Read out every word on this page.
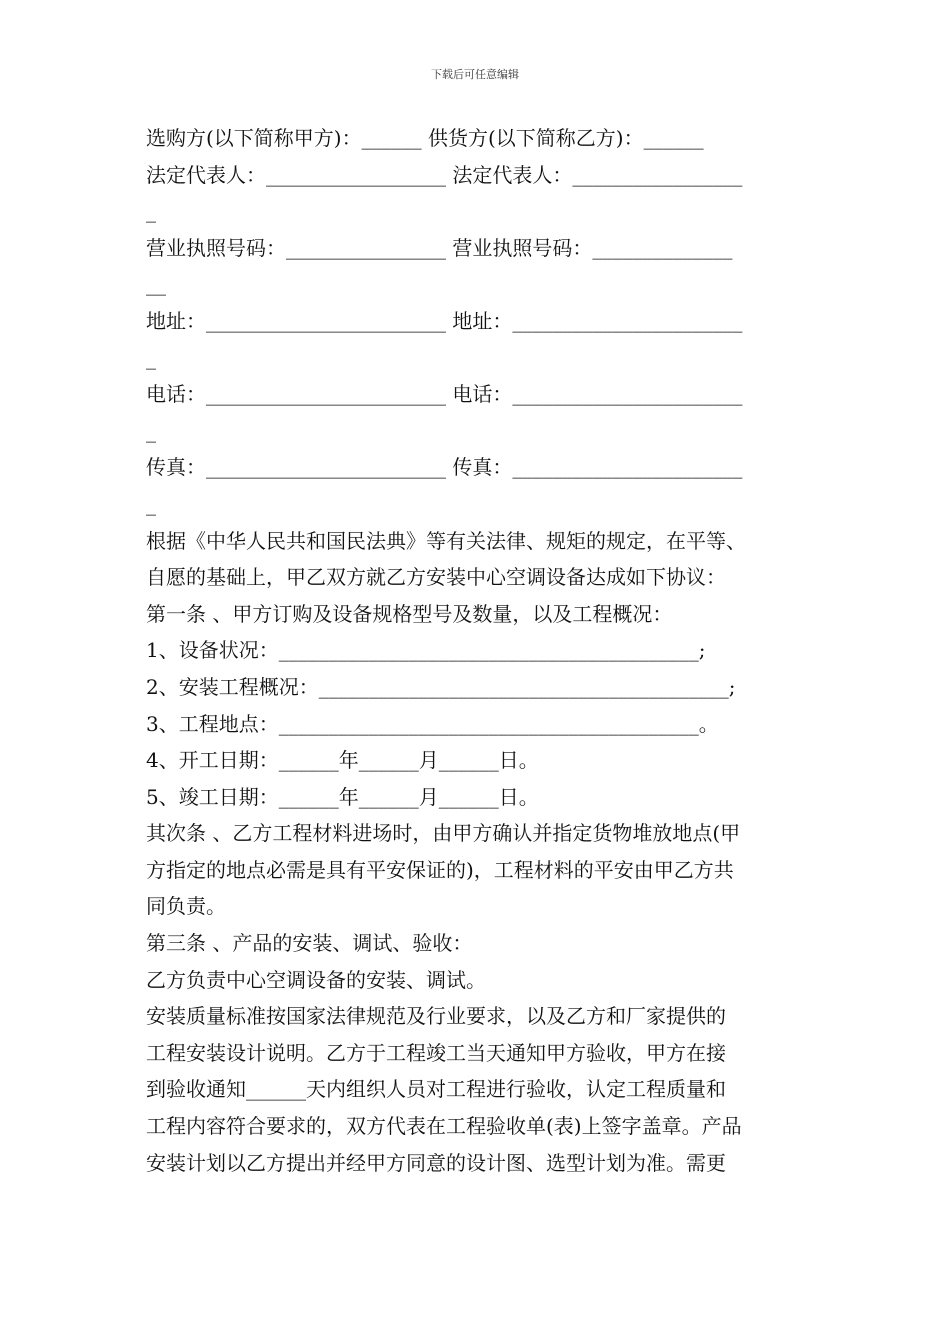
下载后可任意编辑
选购方(以下简称甲方)：______ 供货方(以下简称乙方)：______
法定代表人：__________________ 法定代表人：_________________
_
营业执照号码：________________ 营业执照号码：______________
__
地址：________________________ 地址：_______________________
_
电话：________________________ 电话：_______________________
_
传真：________________________ 传真：_______________________
_
根据《中华人民共和国民法典》等有关法律、规矩的规定，在平等、
自愿的基础上，甲乙双方就乙方安装中心空调设备达成如下协议：
第一条 、甲方订购及设备规格型号及数量，以及工程概况：
1、设备状况：__________________________________________;
2、安装工程概况：_________________________________________;
3、工程地点：__________________________________________。
4、开工日期：______年______月______日。
5、竣工日期：______年______月______日。
其次条 、乙方工程材料进场时，由甲方确认并指定货物堆放地点(甲
方指定的地点必需是具有平安保证的)，工程材料的平安由甲乙方共
同负责。
第三条 、产品的安装、调试、验收：
乙方负责中心空调设备的安装、调试。
安装质量标准按国家法律规范及行业要求，以及乙方和厂家提供的
工程安装设计说明。乙方于工程竣工当天通知甲方验收，甲方在接
到验收通知______天内组织人员对工程进行验收，认定工程质量和
工程内容符合要求的，双方代表在工程验收单(表)上签字盖章。产品
安装计划以乙方提出并经甲方同意的设计图、选型计划为准。需更
